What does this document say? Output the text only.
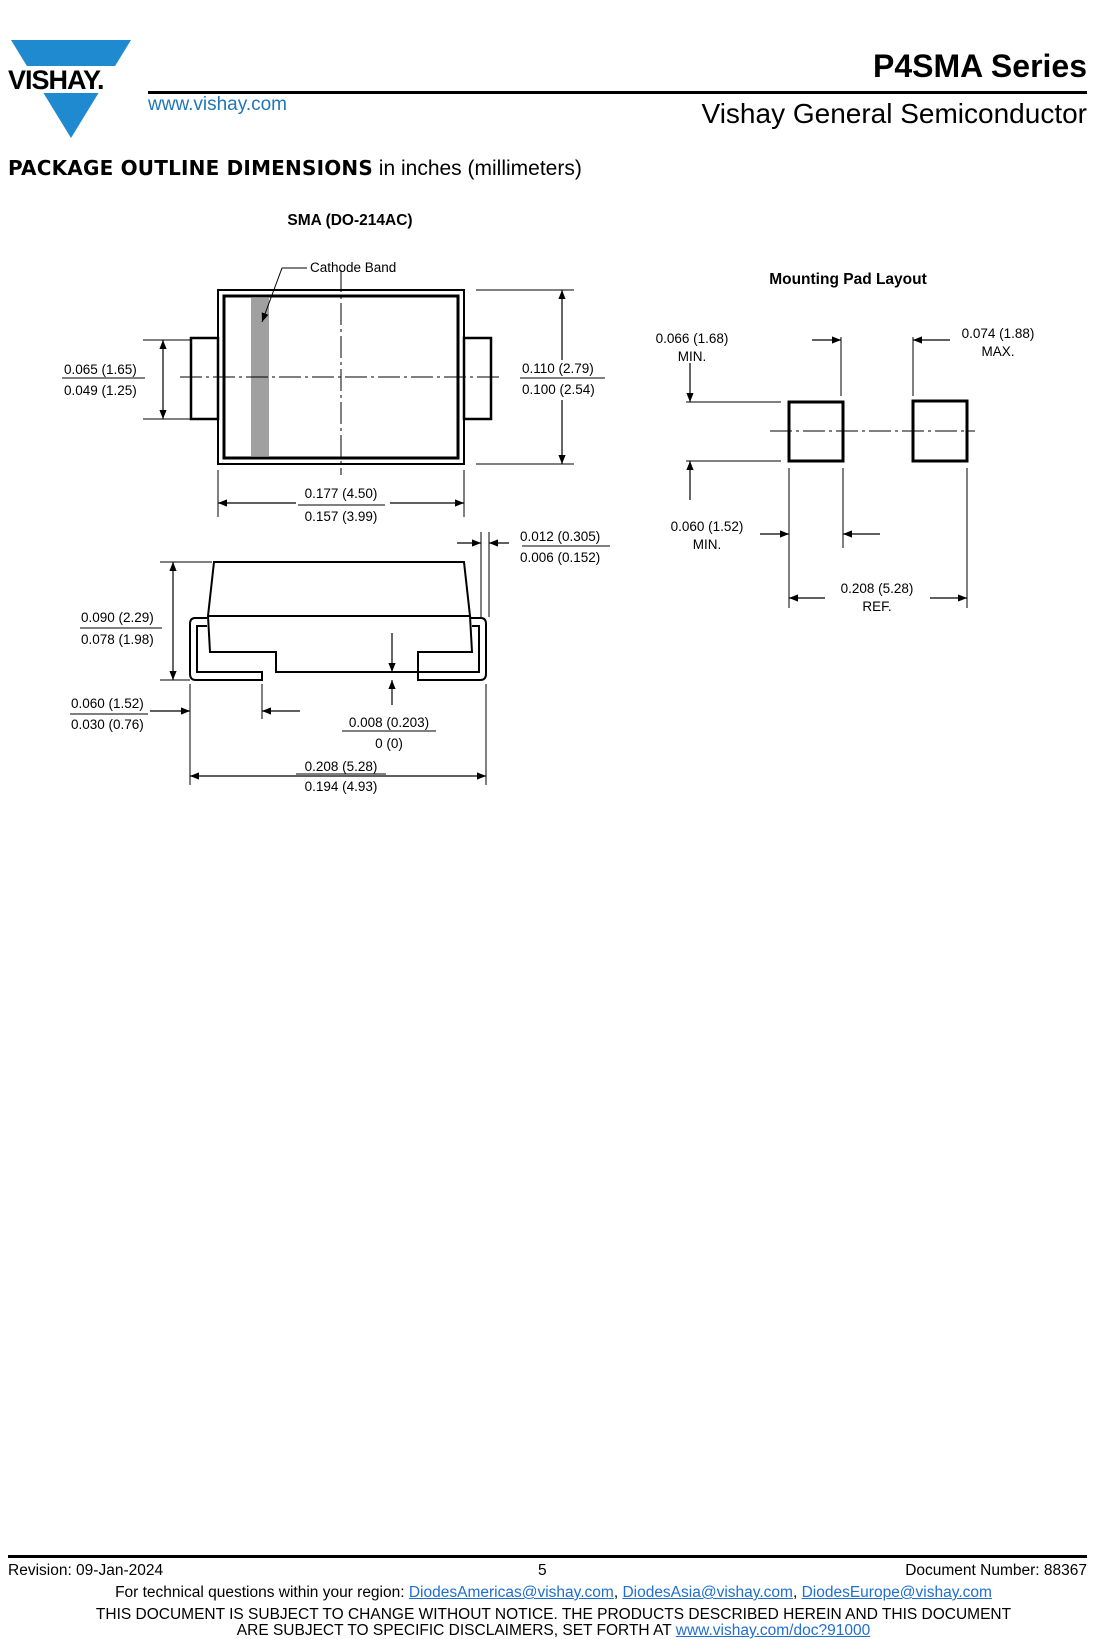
VISHAY.
www.vishay.com
P4SMA Series
Vishay General Semiconductor
PACKAGE OUTLINE DIMENSIONS in inches (millimeters)
SMA (DO-214AC)
Cathode Band
0.065 (1.65)
0.049 (1.25)
0.110 (2.79)
0.100 (2.54)
0.177 (4.50)
0.157 (3.99)
0.012 (0.305)
0.006 (0.152)
0.090 (2.29)
0.078 (1.98)
0.060 (1.52)
0.030 (0.76)	0.008 (0.203)
0 (0)
0.208 (5.28)
0.194 (4.93)
Mounting Pad Layout
0.066 (1.68)
MIN.
0.074 (1.88)
MAX.
0.060 (1.52)
MIN.
0.208 (5.28)
REF.
Revision: 09-Jan-2024	5	Document Number: 88367
For technical questions within your region: DiodesAmericas@vishay.com, DiodesAsia@vishay.com, DiodesEurope@vishay.com
THIS DOCUMENT IS SUBJECT TO CHANGE WITHOUT NOTICE. THE PRODUCTS DESCRIBED HEREIN AND THIS DOCUMENT
ARE SUBJECT TO SPECIFIC DISCLAIMERS, SET FORTH AT www.vishay.com/doc?91000
